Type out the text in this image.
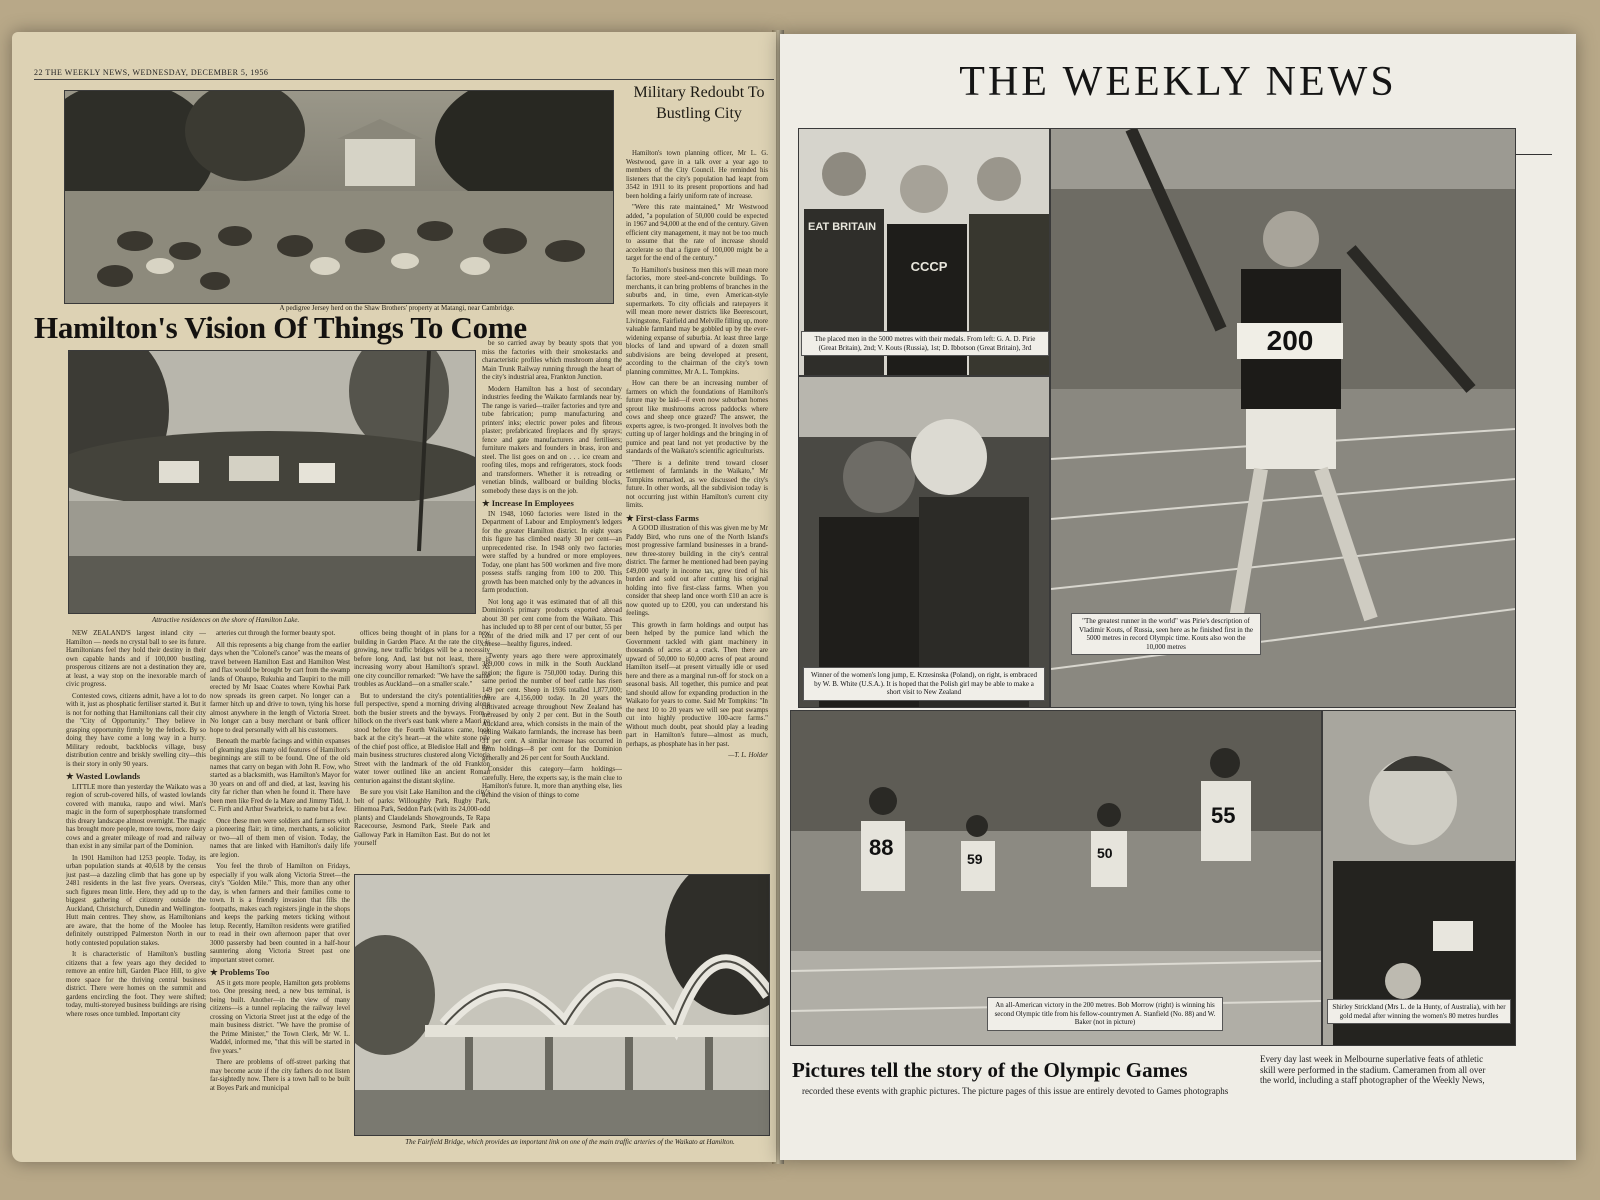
22 THE WEEKLY NEWS, WEDNESDAY, DECEMBER 5, 1956
A pedigree Jersey herd on the Shaw Brothers' property at Matangi, near Cambridge.
Military Redoubt To Bustling City
Hamilton's Vision Of Things To Come
Attractive residences on the shore of Hamilton Lake.

NEW ZEALAND'S largest inland city — Hamilton — needs no crystal ball to see its future. Hamiltonians feel they hold their destiny in their own capable hands and if 100,000 bustling, prosperous citizens are not a destination they are, at least, a way stop on the inexorable march of civic progress.

Contested cows, citizens admit, have a lot to do with it, just as phosphatic fertiliser started it. But it is not for nothing that Hamiltonians call their city the "City of Opportunity." They believe in grasping opportunity firmly by the fetlock. By so doing they have come a long way in a hurry. Military redoubt, backblocks village, busy distribution centre and briskly swelling city—this is their story in only 90 years.

★ Wasted Lowlands

LITTLE more than yesterday the Waikato was a region of scrub-covered hills, of wasted lowlands covered with manuka, raupo and wiwi. Man's magic in the form of superphosphate transformed this dreary landscape almost overnight. The magic has brought more people, more towns, more dairy cows and a greater mileage of road and railway than exist in any similar part of the Dominion.

In 1901 Hamilton had 1253 people. Today, its urban population stands at 40,618 by the census just past—a dazzling climb that has gone up by 2481 residents in the last five years. Overseas, such figures mean little. Here, they add up to the biggest gathering of citizenry outside the Auckland, Christchurch, Dunedin and Wellington-Hutt main centres. They show, as Hamiltonians are aware, that the home of the Moolee has definitely outstripped Palmerston North in our hotly contested population stakes.

It is characteristic of Hamilton's bustling citizens that a few years ago they decided to remove an entire hill, Garden Place Hill, to give more space for the thriving central business district. There were homes on the summit and gardens encircling the foot. They were shifted; today, multi-storeyed business buildings are rising where roses once tumbled. Important city

arteries cut through the former beauty spot.

All this represents a big change from the earlier days when the "Colonel's canoe" was the means of travel between Hamilton East and Hamilton West and flax would be brought by cart from the swamp lands of Ohaupo, Rukuhia and Taupiri to the mill erected by Mr Isaac Coates where Kowhai Park now spreads its green carpet. No longer can a farmer hitch up and drive to town, tying his horse almost anywhere in the length of Victoria Street. No longer can a busy merchant or bank officer hope to deal personally with all his customers.

Beneath the marble facings and within expanses of gleaming glass many old features of Hamilton's beginnings are still to be found. One of the old names that carry on began with John R. Fow, who started as a blacksmith, was Hamilton's Mayor for 30 years on and off and died, at last, leaving his city far richer than when he found it. There have been men like Fred de la Mare and Jimmy Tidd, J. C. Firth and Arthur Swarbrick, to name but a few.

Once these men were soldiers and farmers with a pioneering flair; in time, merchants, a solicitor or two—all of them men of vision. Today, the names that are linked with Hamilton's daily life are legion.

You feel the throb of Hamilton on Fridays, especially if you walk along Victoria Street—the city's "Golden Mile." This, more than any other day, is when farmers and their families come to town. It is a friendly invasion that fills the footpaths, makes each registers jingle in the shops and keeps the parking meters ticking without letup. Recently, Hamilton residents were gratified to read in their own afternoon paper that over 3000 passersby had been counted in a half-hour sauntering along Victoria Street past one important street corner.

★ Problems Too

AS it gets more people, Hamilton gets problems too. One pressing need, a new bus terminal, is being built. Another—in the view of many citizens—is a tunnel replacing the railway level crossing on Victoria Street just at the edge of the main business district. "We have the promise of the Prime Minister," the Town Clerk, Mr W. L. Waddel, informed me, "that this will be started in five years."

There are problems of off-street parking that may become acute if the city fathers do not listen far-sightedly now. There is a town hall to be built at Boyes Park and municipal

offices being thought of in plans for a new building in Garden Place. At the rate the city is growing, new traffic bridges will be a necessity before long. And, last but not least, there is increasing worry about Hamilton's sprawl. As one city councillor remarked: "We have the same troubles as Auckland—on a smaller scale."

But to understand the city's potentialities in full perspective, spend a morning driving along both the busier streets and the byways. From a hillock on the river's east bank where a Maori pa stood before the Fourth Waikatos came, look back at the city's heart—at the white stone pile of the chief post office, at Bledisloe Hall and the main business structures clustered along Victoria Street with the landmark of the old Frankton water tower outlined like an ancient Roman centurion against the distant skyline.

Be sure you visit Lake Hamilton and the city's belt of parks: Willoughby Park, Rugby Park, Hinemoa Park, Seddon Park (with its 24,000-odd plants) and Claudelands Showgrounds, Te Rapa Racecourse, Jesmond Park, Steele Park and Galloway Park in Hamilton East. But do not let yourself

be so carried away by beauty spots that you miss the factories with their smokestacks and characteristic profiles which mushroom along the Main Trunk Railway running through the heart of the city's industrial area, Frankton Junction.

Modern Hamilton has a host of secondary industries feeding the Waikato farmlands near by. The range is varied—trailer factories and tyre and tube fabrication; pump manufacturing and printers' inks; electric power poles and fibrous plaster; prefabricated fireplaces and fly sprays; fence and gate manufacturers and fertilisers; furniture makers and founders in brass, iron and steel. The list goes on and on . . . ice cream and roofing tiles, mops and refrigerators, stock foods and transformers. Whether it is retreading or venetian blinds, wallboard or building blocks, somebody these days is on the job.

★ Increase In Employees

IN 1948, 1060 factories were listed in the Department of Labour and Employment's ledgers for the greater Hamilton district. In eight years this figure has climbed nearly 30 per cent—an unprecedented rise. In 1948 only two factories were staffed by a hundred or more employees. Today, one plant has 500 workmen and five more possess staffs ranging from 100 to 200. This growth has been matched only by the advances in farm production.

Not long ago it was estimated that of all this Dominion's primary products exported abroad about 30 per cent come from the Waikato. This has included up to 88 per cent of our butter, 55 per cent of the dried milk and 17 per cent of our cheese—healthy figures, indeed.

Twenty years ago there were approximately 389,000 cows in milk in the South Auckland region; the figure is 750,000 today. During this same period the number of beef cattle has risen 149 per cent. Sheep in 1936 totalled 1,877,000; there are 4,156,000 today. In 20 years the cultivated acreage throughout New Zealand has increased by only 2 per cent. But in the South Auckland area, which consists in the main of the rolling Waikato farmlands, the increase has been 31 per cent. A similar increase has occurred in farm holdings—8 per cent for the Dominion generally and 26 per cent for South Auckland.

Consider this category—farm holdings—carefully. Here, the experts say, is the main clue to Hamilton's future. It, more than anything else, lies behind the vision of things to come

Hamilton's town planning officer, Mr L. G. Westwood, gave in a talk over a year ago to members of the City Council. He reminded his listeners that the city's population had leapt from 3542 in 1911 to its present proportions and had been holding a fairly uniform rate of increase.

"Were this rate maintained," Mr Westwood added, "a population of 50,000 could be expected in 1967 and 94,000 at the end of the century. Given efficient city management, it may not be too much to assume that the rate of increase should accelerate so that a figure of 100,000 might be a target for the end of the century."

To Hamilton's business men this will mean more factories, more steel-and-concrete buildings. To merchants, it can bring problems of branches in the suburbs and, in time, even American-style supermarkets. To city officials and ratepayers it will mean more newer districts like Beerescourt, Livingstone, Fairfield and Melville filling up, more valuable farmland may be gobbled up by the ever-widening expanse of suburbia. At least three large blocks of land and upward of a dozen small subdivisions are being developed at present, according to the chairman of the city's town planning committee, Mr A. L. Tompkins.

How can there be an increasing number of farmers on which the foundations of Hamilton's future may be laid—if even now suburban homes sprout like mushrooms across paddocks where cows and sheep once grazed? The answer, the experts agree, is two-pronged. It involves both the cutting up of larger holdings and the bringing in of pumice and peat land not yet productive by the standards of the Waikato's scientific agriculturists.

"There is a definite trend toward closer settlement of farmlands in the Waikato," Mr Tompkins remarked, as we discussed the city's future. In other words, all the subdivision today is not occurring just within Hamilton's current city limits.

★ First-class Farms

A GOOD illustration of this was given me by Mr Paddy Bird, who runs one of the North Island's most progressive farmland businesses in a brand-new three-storey building in the city's central district. The farmer he mentioned had been paying £49,000 yearly in income tax, grew tired of his burden and sold out after cutting his original holding into five first-class farms. When you consider that sheep land once worth £10 an acre is now quoted up to £200, you can understand his feelings.

This growth in farm holdings and output has been helped by the pumice land which the Government tackled with giant machinery in thousands of acres at a crack. Then there are upward of 50,000 to 60,000 acres of peat around Hamilton itself—at present virtually idle or used here and there as a marginal run-off for stock on a seasonal basis. All together, this pumice and peat land should allow for expanding production in the Waikato for years to come. Said Mr Tompkins: "In the next 10 to 20 years we will see peat swamps cut into highly productive 100-acre farms." Without much doubt, peat should play a leading part in Hamilton's future—almost as much, perhaps, as phosphate has in her past.

—T. L. Holder

The Fairfield Bridge, which provides an important link on one of the main traffic arteries of the Waikato at Hamilton.
THE WEEKLY NEWS
EAT BRITAIN
CCCP
The placed men in the 5000 metres with their medals. From left: G. A. D. Pirie (Great Britain), 2nd; V. Kouts (Russia), 1st; D. Ibbotson (Great Britain), 3rd	200
"The greatest runner in the world" was Pirie's description of Vladimir Kouts, of Russia, seen here as he finished first in the 5000 metres in record Olympic time. Kouts also won the 10,000 metres
Winner of the women's long jump, E. Krzesinska (Poland), on right, is embraced by W. B. White (U.S.A.). It is hoped that the Polish girl may be able to make a short visit to New Zealand
88	59	50
55
An all-American victory in the 200 metres. Bob Morrow (right) is winning his second Olympic title from his fellow-countrymen A. Stanfield (No. 88) and W. Baker (not in picture)
Shirley Strickland (Mrs L. de la Hunty, of Australia), with her gold medal after winning the women's 80 metres hurdles
Pictures tell the story of the Olympic Games
recorded these events with graphic pictures. The picture pages of this issue are entirely devoted to Games photographs
Every day last week in Melbourne superlative feats of athletic skill were performed in the stadium. Cameramen from all over the world, including a staff photographer of the Weekly News,
